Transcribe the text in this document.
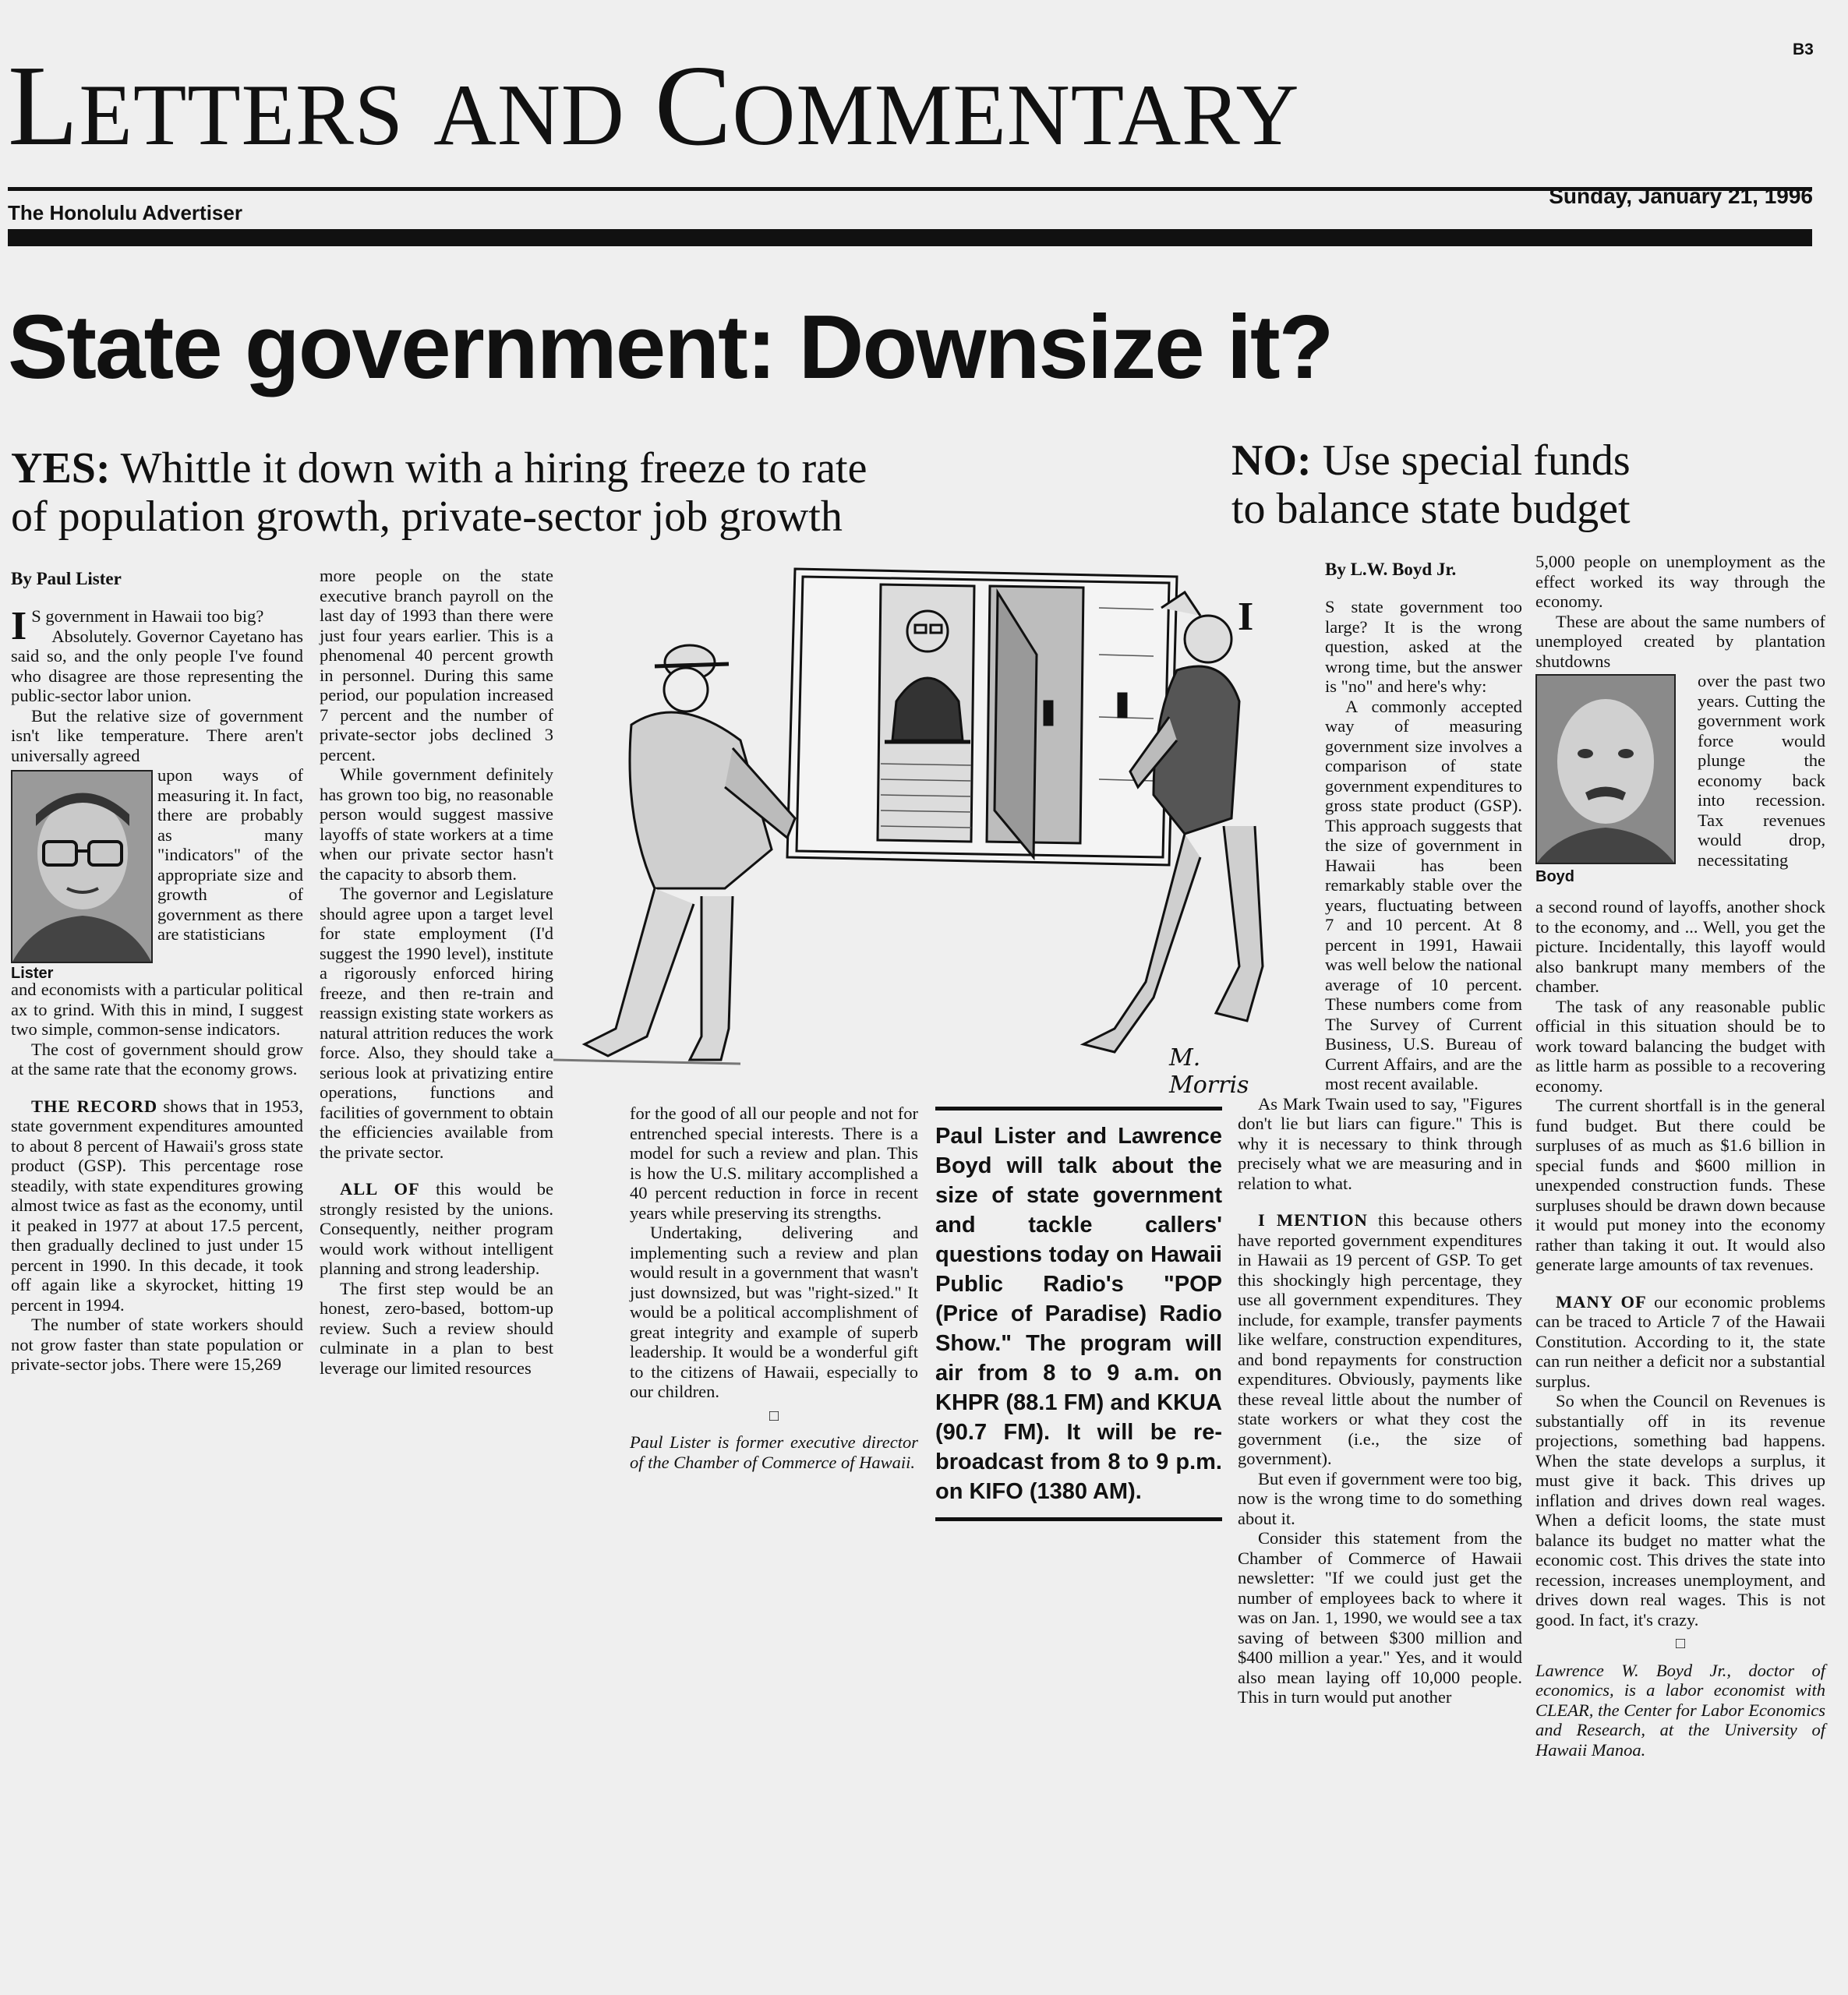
B3
LETTERS AND COMMENTARY
Sunday, January 21, 1996
The Honolulu Advertiser
State government: Downsize it?
YES: Whittle it down with a hiring freeze to rate
of population growth, private-sector job growth
NO: Use special funds
to balance state budget
By Paul Lister

I S government in Hawaii too big?

Absolutely. Governor Cayetano has said so, and the only people I've found who disagree are those representing the public-sector labor union.

But the relative size of government isn't like temperature. There aren't universally agreed

Lister
upon ways of measuring it. In fact, there are probably as many "indicators" of the appropriate size and growth of government as there are statisticians

and economists with a particular political ax to grind. With this in mind, I suggest two simple, common-sense indicators.

The cost of government should grow at the same rate that the economy grows.

THE RECORD shows that in 1953, state government expenditures amounted to about 8 percent of Hawaii's gross state product (GSP). This percentage rose steadily, with state expenditures growing almost twice as fast as the economy, until it peaked in 1977 at about 17.5 percent, then gradually declined to just under 15 percent in 1990. In this decade, it took off again like a skyrocket, hitting 19 percent in 1994.

The number of state workers should not grow faster than state population or private-sector jobs. There were 15,269

more people on the state executive branch payroll on the last day of 1993 than there were just four years earlier. This is a phenomenal 40 percent growth in personnel. During this same period, our population increased 7 percent and the number of private-sector jobs declined 3 percent.

While government definitely has grown too big, no reasonable person would suggest massive layoffs of state workers at a time when our private sector hasn't the capacity to absorb them.

The governor and Legislature should agree upon a target level for state employment (I'd suggest the 1990 level), institute a rigorously enforced hiring freeze, and then re-train and reassign existing state workers as natural attrition reduces the work force. Also, they should take a serious look at privatizing entire operations, functions and facilities of government to obtain the efficiencies available from the private sector.

ALL OF this would be strongly resisted by the unions. Consequently, neither program would work without intelligent planning and strong leadership.

The first step would be an honest, zero-based, bottom-up review. Such a review should culminate in a plan to best leverage our limited resources

M. Morris

for the good of all our people and not for entrenched special interests. There is a model for such a review and plan. This is how the U.S. military accomplished a 40 percent reduction in force in recent years while preserving its strengths.

Undertaking, delivering and implementing such a review and plan would result in a government that wasn't just downsized, but was "right-sized." It would be a political accomplishment of great integrity and example of superb leadership. It would be a wonderful gift to the citizens of Hawaii, especially to our children.

□

Paul Lister is former executive director of the Chamber of Commerce of Hawaii.

Paul Lister and Lawrence Boyd will talk about the size of state government and tackle callers' questions today on Hawaii Public Radio's "POP (Price of Paradise) Radio Show." The program will air from 8 to 9 a.m. on KHPR (88.1 FM) and KKUA (90.7 FM). It will be re-broadcast from 8 to 9 p.m. on KIFO (1380 AM).
By L.W. Boyd Jr.

I	S state government too large? It is the wrong question, asked at the wrong time, but the answer is "no" and here's why:

A commonly accepted way of measuring government size involves a comparison of state government expenditures to gross state product (GSP). This approach suggests that the size of government in Hawaii has been remarkably stable over the years, fluctuating between 7 and 10 percent. At 8 percent in 1991, Hawaii was well below the national average of 10 percent. These numbers come from The Survey of Current Business, U.S. Bureau of Current Affairs, and are the most recent available.

As Mark Twain used to say, "Figures don't lie but liars can figure." This is why it is necessary to think through precisely what we are measuring and in relation to what.

I MENTION this because others have reported government expenditures in Hawaii as 19 percent of GSP. To get this shockingly high percentage, they use all government expenditures. They include, for example, transfer payments like welfare, construction expenditures, and bond repayments for construction expenditures. Obviously, payments like these reveal little about the number of state workers or what they cost the government (i.e., the size of government).

But even if government were too big, now is the wrong time to do something about it.

Consider this statement from the Chamber of Commerce of Hawaii newsletter: "If we could just get the number of employees back to where it was on Jan. 1, 1990, we would see a tax saving of between $300 million and $400 million a year." Yes, and it would also mean laying off 10,000 people. This in turn would put another

5,000 people on unemployment as the effect worked its way through the economy.

These are about the same numbers of unemployed created by plantation shutdowns

Boyd
over the past two years. Cutting the government work force would plunge the economy back into recession. Tax revenues would drop, necessitating

a second round of layoffs, another shock to the economy, and ... Well, you get the picture. Incidentally, this layoff would also bankrupt many members of the chamber.

The task of any reasonable public official in this situation should be to work toward balancing the budget with as little harm as possible to a recovering economy.

The current shortfall is in the general fund budget. But there could be surpluses of as much as $1.6 billion in special funds and $600 million in unexpended construction funds. These surpluses should be drawn down because it would put money into the economy rather than taking it out. It would also generate large amounts of tax revenues.

MANY OF our economic problems can be traced to Article 7 of the Hawaii Constitution. According to it, the state can run neither a deficit nor a substantial surplus.

So when the Council on Revenues is substantially off in its revenue projections, something bad happens. When the state develops a surplus, it must give it back. This drives up inflation and drives down real wages. When a deficit looms, the state must balance its budget no matter what the economic cost. This drives the state into recession, increases unemployment, and drives down real wages. This is not good. In fact, it's crazy.

□

Lawrence W. Boyd Jr., doctor of economics, is a labor economist with CLEAR, the Center for Labor Economics and Research, at the University of Hawaii Manoa.
